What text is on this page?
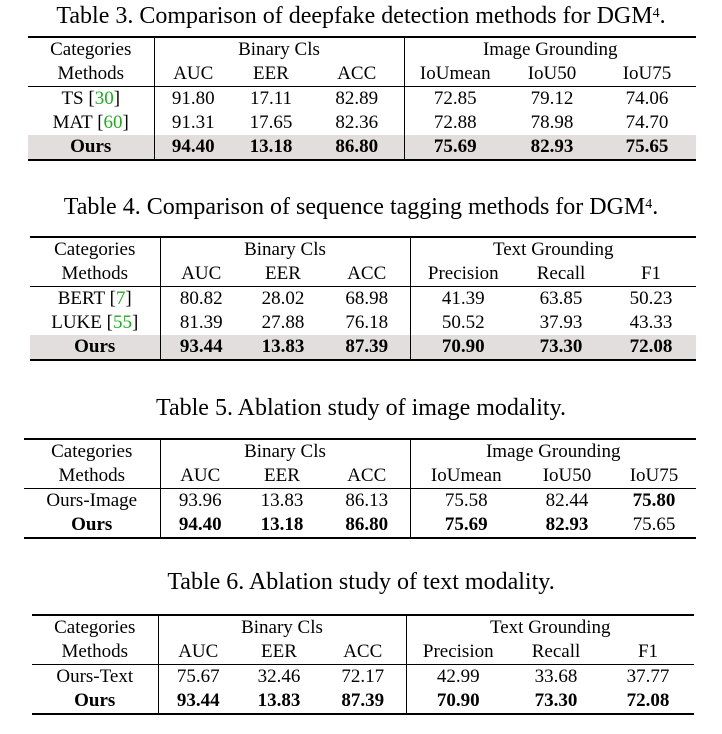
Table 3. Comparison of deepfake detection methods for DGM$^4$.
Categories	Binary Cls			Image Grounding		
Methods	AUC	EER	ACC	IoUmean	IoU50	IoU75
TS [30]	91.80	17.11	82.89	72.85	79.12	74.06
MAT [60]	91.31	17.65	82.36	72.88	78.98	74.70
Ours	94.40	13.18	86.80	75.69	82.93	75.65
Table 4. Comparison of sequence tagging methods for DGM$^4$.
Categories	Binary Cls			Text Grounding		
Methods	AUC	EER	ACC	Precision	Recall	F1
BERT [7]	80.82	28.02	68.98	41.39	63.85	50.23
LUKE [55]	81.39	27.88	76.18	50.52	37.93	43.33
Ours	93.44	13.83	87.39	70.90	73.30	72.08
Table 5. Ablation study of image modality.
Categories	Binary Cls			Image Grounding		
Methods	AUC	EER	ACC	IoUmean	IoU50	IoU75
Ours-Image	93.96	13.83	86.13	75.58	82.44	75.80
Ours	94.40	13.18	86.80	75.69	82.93	75.65
Table 6. Ablation study of text modality.
Categories	Binary Cls			Text Grounding		
Methods	AUC	EER	ACC	Precision	Recall	F1
Ours-Text	75.67	32.46	72.17	42.99	33.68	37.77
Ours	93.44	13.83	87.39	70.90	73.30	72.08
